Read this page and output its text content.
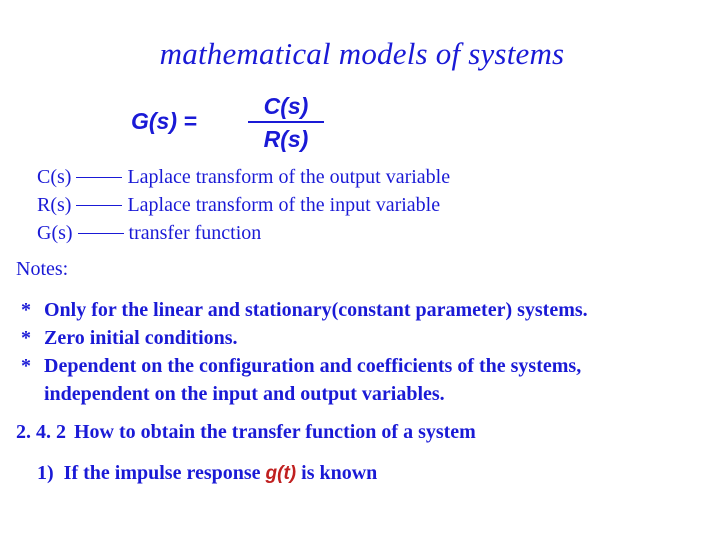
mathematical models of systems
G(s) =
C(s)
R(s)
C(s)	Laplace transform of the output variable
R(s)	Laplace transform of the input variable
G(s)	transfer function
Notes:
* Only for the linear and stationary(constant parameter) systems.
* Zero initial conditions.
* Dependent on the configuration and coefficients of the systems,
independent on the input and output variables.
2. 4. 2 How to obtain the transfer function of a system
1) If the impulse response g(t) is known
